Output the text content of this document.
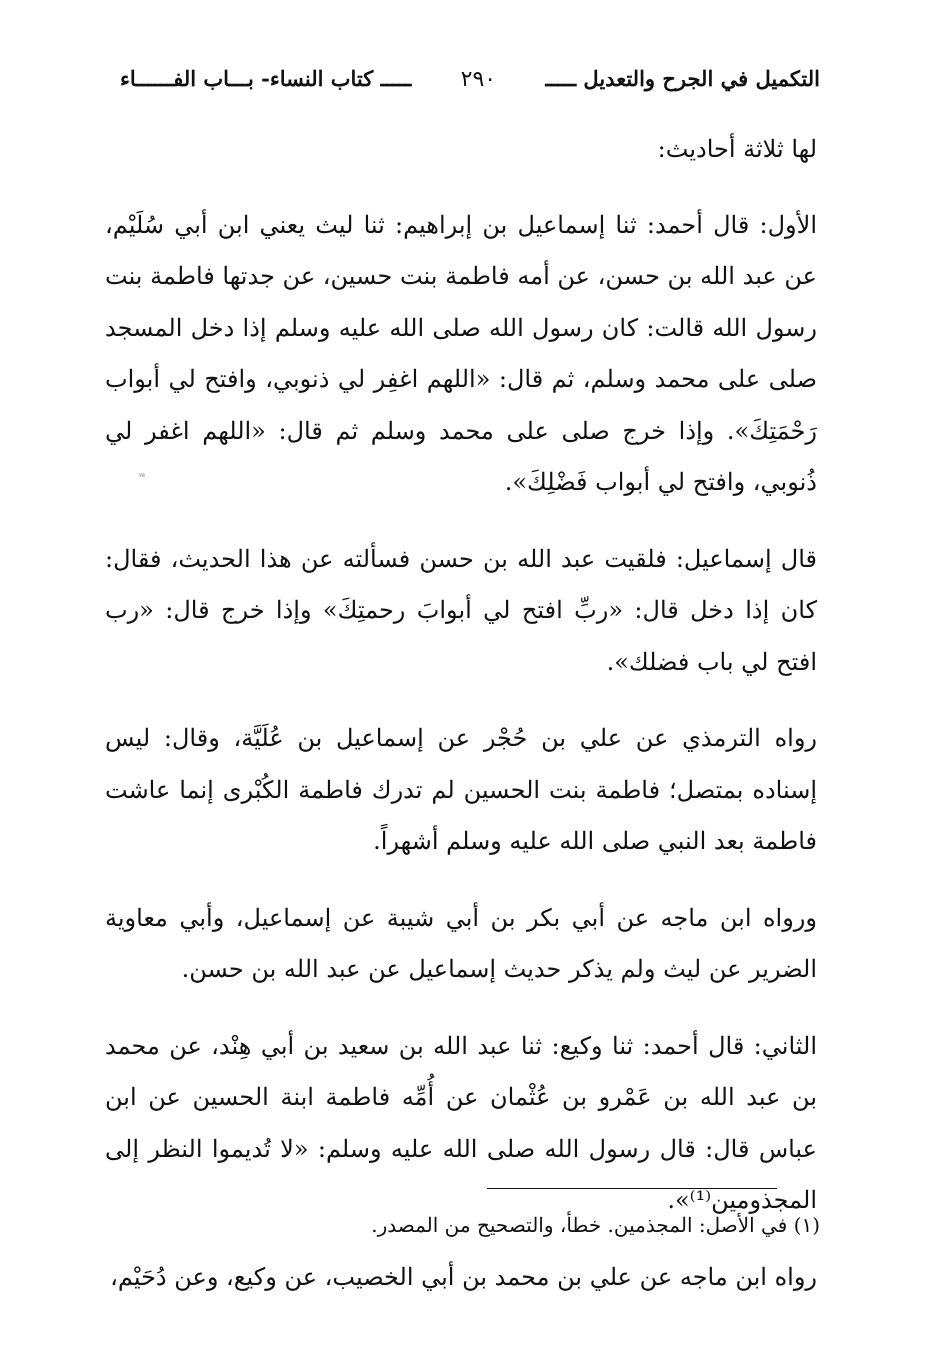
التكميل في الجرح والتعديل ـــــ
٢٩٠
ـــــ كتاب النساء- بـــاب الفــــــاء

لها ثلاثة أحاديث:

الأول: قال أحمد: ثنا إسماعيل بن إبراهيم: ثنا ليث يعني ابن أبي سُلَيْم، عن عبد الله بن حسن، عن أمه فاطمة بنت حسين، عن جدتها فاطمة بنت رسول الله قالت: كان رسول الله صلى الله عليه وسلم إذا دخل المسجد صلى على محمد وسلم، ثم قال: «اللهم اغفِر لي ذنوبي، وافتح لي أبواب رَحْمَتِكَ». وإذا خرج صلى على محمد وسلم ثم قال: «اللهم اغفر لي ذُنوبي، وافتح لي أبواب فَضْلِكَ».

قال إسماعيل: فلقيت عبد الله بن حسن فسألته عن هذا الحديث، فقال: كان إذا دخل قال: «ربِّ افتح لي أبوابَ رحمتِكَ» وإذا خرج قال: «رب افتح لي باب فضلك».

رواه الترمذي عن علي بن حُجْر عن إسماعيل بن عُلَيَّة، وقال: ليس إسناده بمتصل؛ فاطمة بنت الحسين لم تدرك فاطمة الكُبْرى إنما عاشت فاطمة بعد النبي صلى الله عليه وسلم أشهراً.

ورواه ابن ماجه عن أبي بكر بن أبي شيبة عن إسماعيل، وأبي معاوية الضرير عن ليث ولم يذكر حديث إسماعيل عن عبد الله بن حسن.

الثاني: قال أحمد: ثنا وكيع: ثنا عبد الله بن سعيد بن أبي هِنْد، عن محمد بن عبد الله بن عَمْرو بن عُثْمان عن أُمِّه فاطمة ابنة الحسين عن ابن عباس قال: قال رسول الله صلى الله عليه وسلم: «لا تُديموا النظر إلى المجذومين⁽¹⁾».

رواه ابن ماجه عن علي بن محمد بن أبي الخصيب، عن وكيع، وعن دُحَيْم،

(١) في الأصل: المجذمين. خطأ، والتصحيح من المصدر.
ᵚ
